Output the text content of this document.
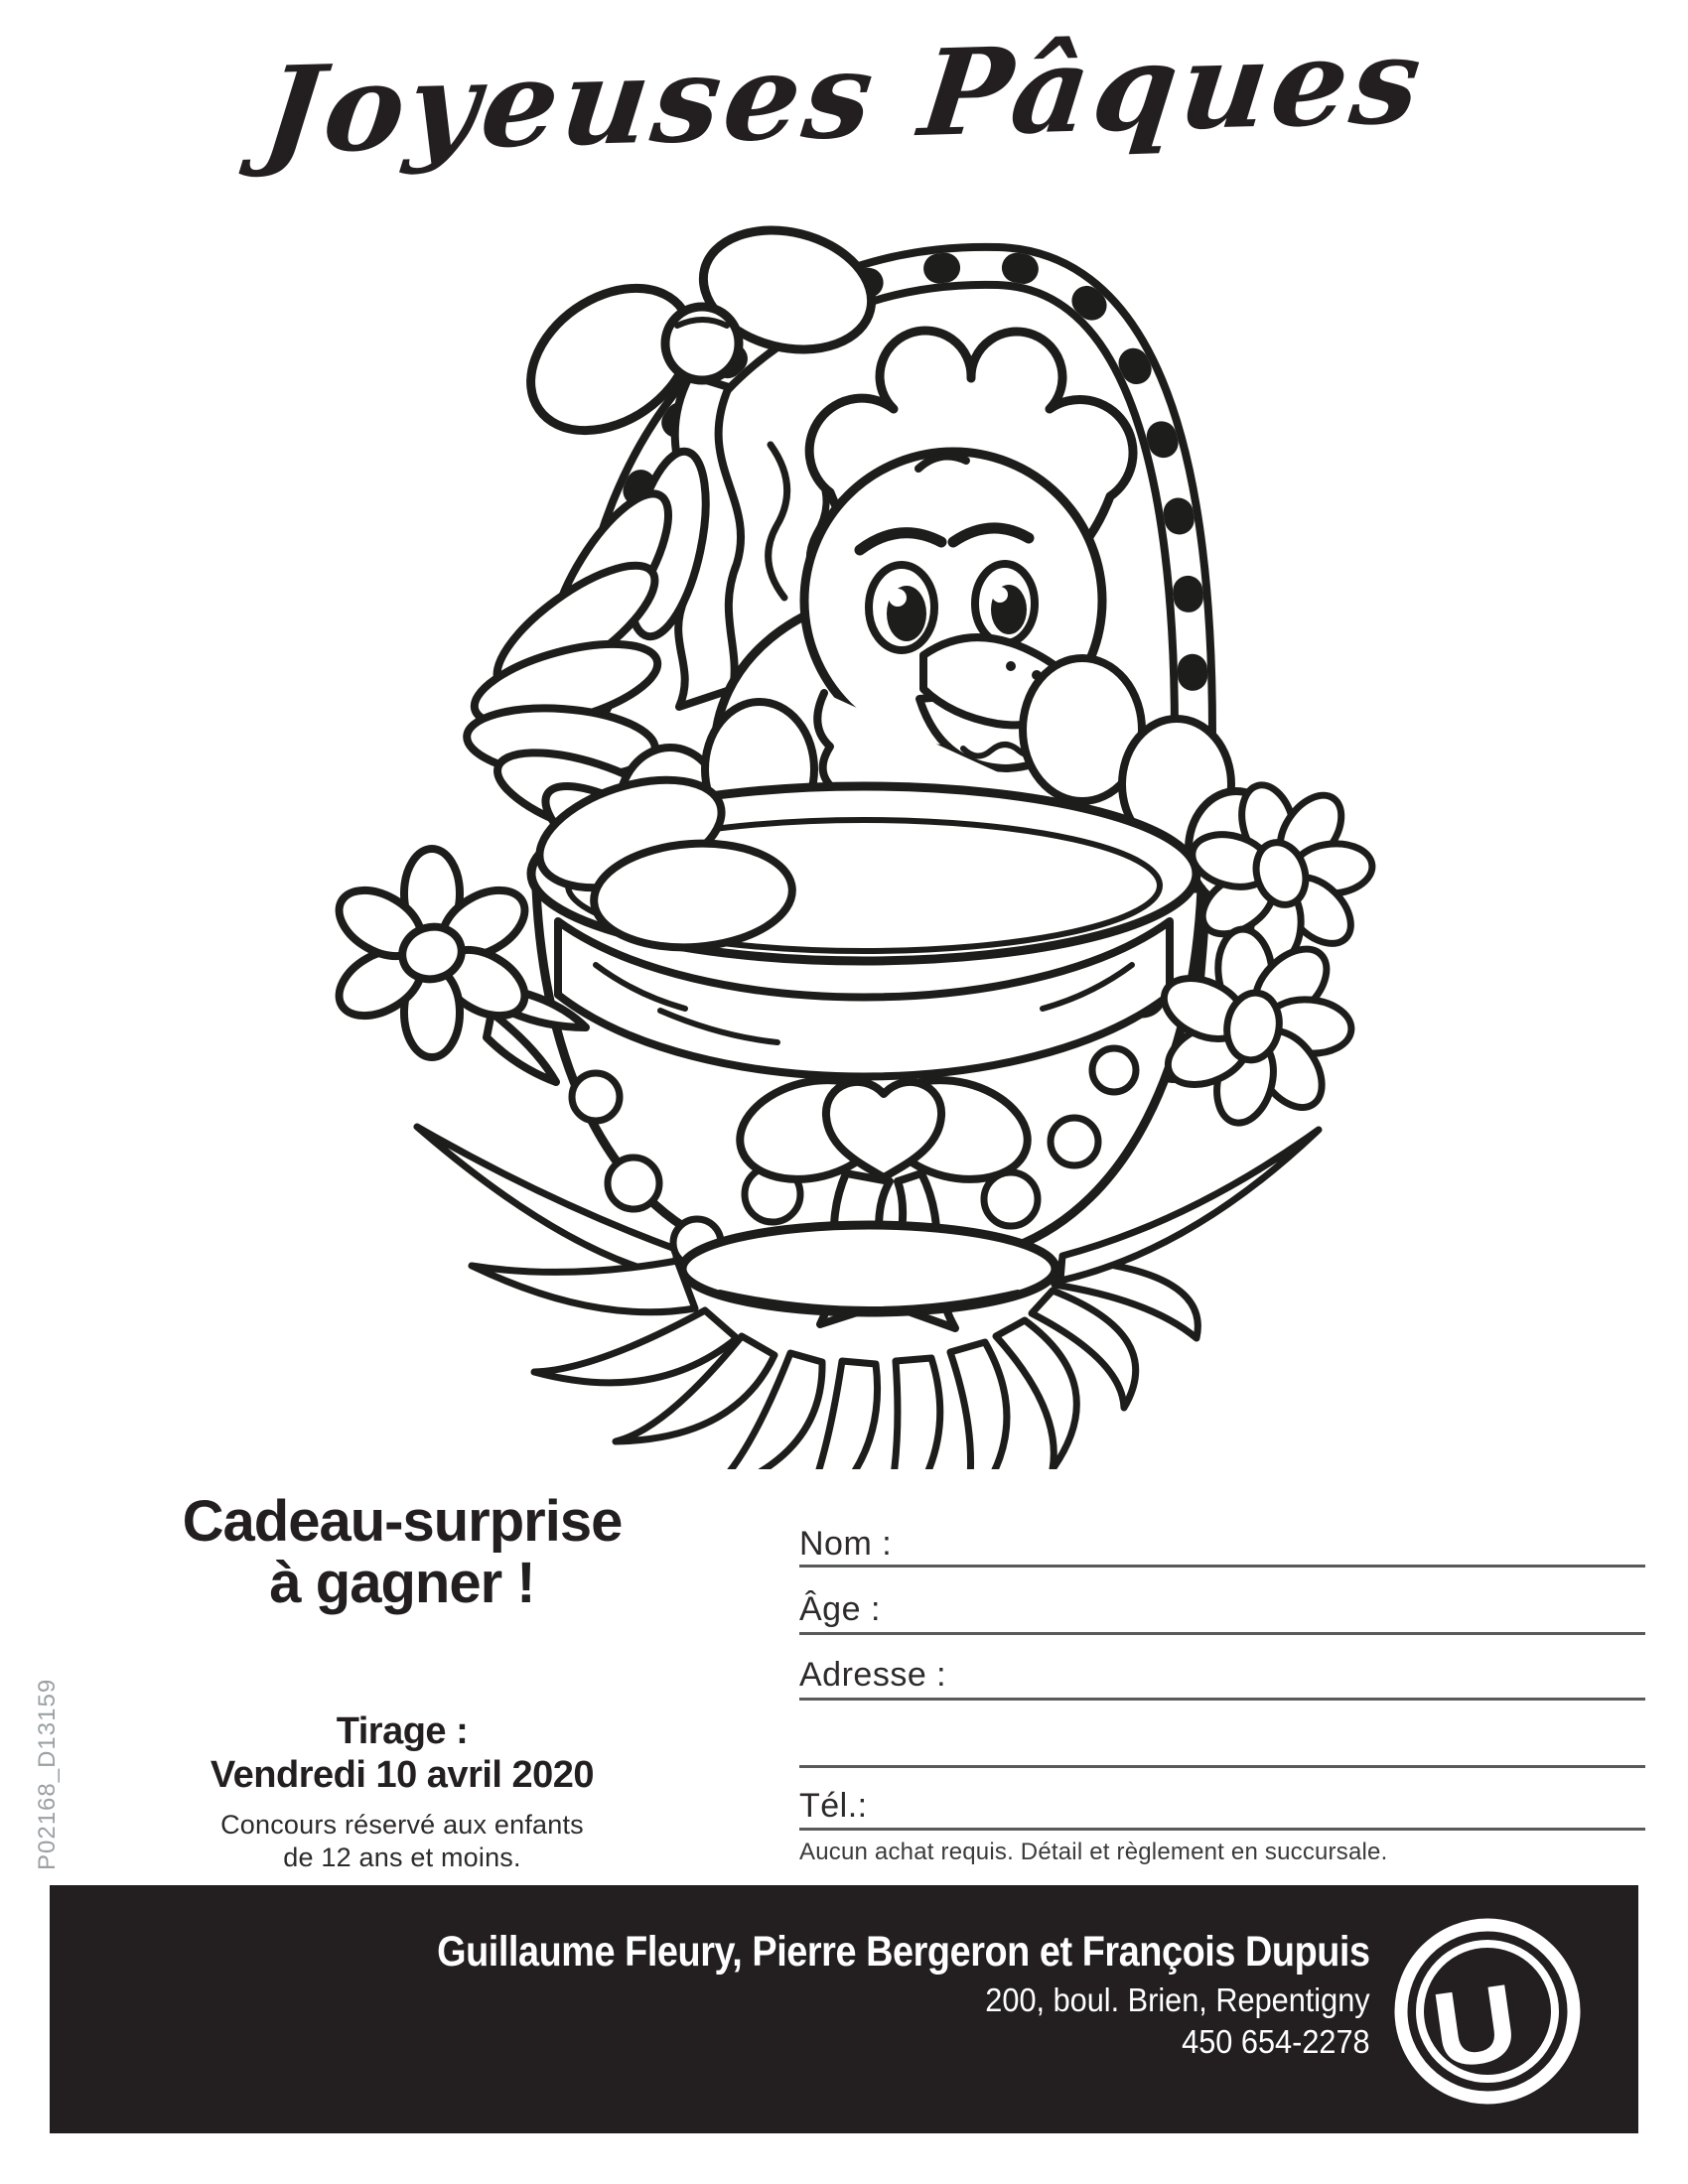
Joyeuses Pâques
Cadeau-surprise
à gagner !
Tirage :
Vendredi 10 avril 2020
Concours réservé aux enfants
de 12 ans et moins.
Nom :
Âge :
Adresse :
Tél.:
Aucun achat requis. Détail et règlement en succursale.
P02168_D13159
Guillaume Fleury, Pierre Bergeron et François Dupuis
200, boul. Brien, Repentigny
450 654-2278 U
